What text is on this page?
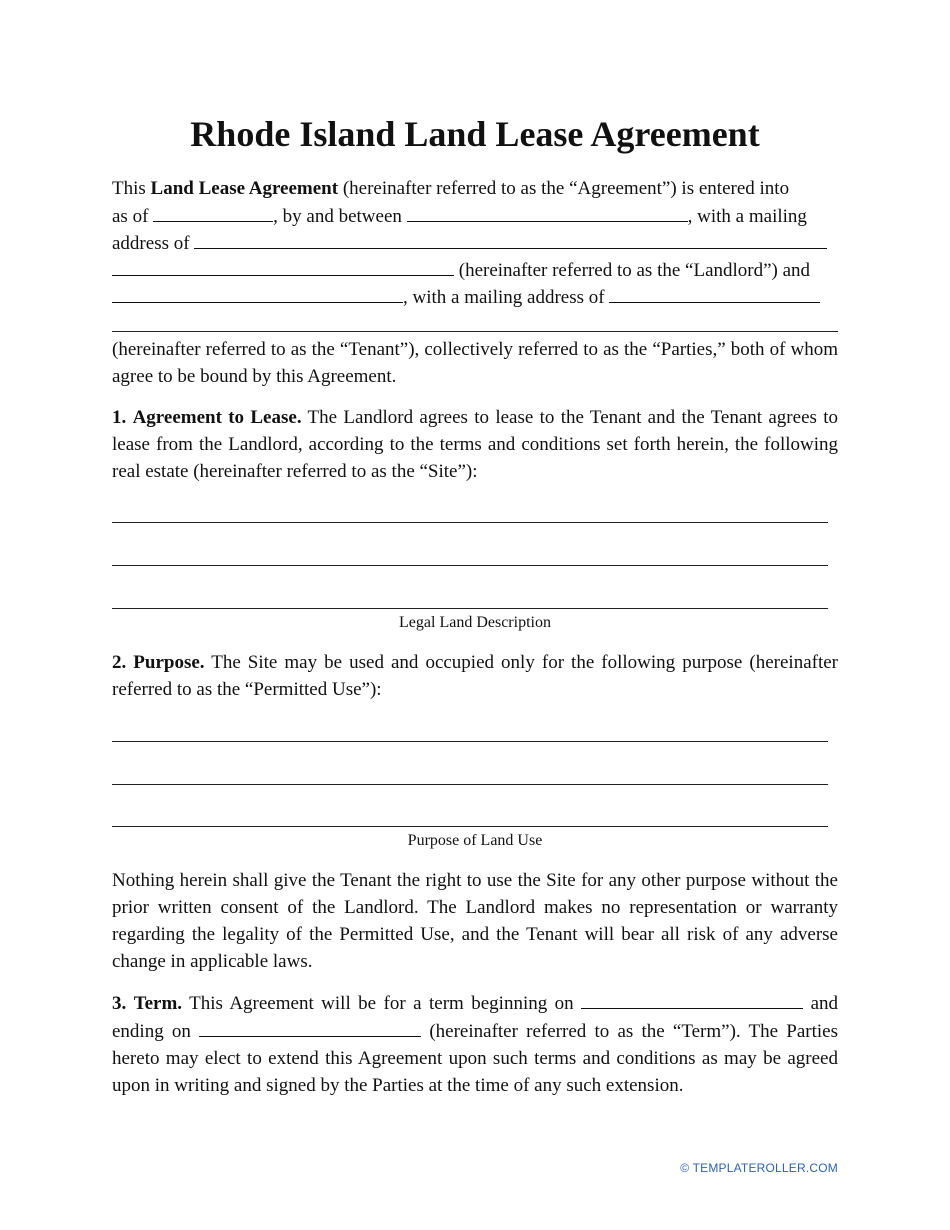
Rhode Island Land Lease Agreement
This Land Lease Agreement (hereinafter referred to as the “Agreement”) is entered into
as of	, by and between	, with a mailing
address of
(hereinafter referred to as the “Landlord”) and
, with a mailing address of
(hereinafter referred to as the “Tenant”), collectively referred to as the “Parties,” both of whom agree to be bound by this Agreement.
1. Agreement to Lease. The Landlord agrees to lease to the Tenant and the Tenant agrees to lease from the Landlord, according to the terms and conditions set forth herein, the following real estate (hereinafter referred to as the “Site”):
Legal Land Description
2. Purpose. The Site may be used and occupied only for the following purpose (hereinafter referred to as the “Permitted Use”):
Purpose of Land Use
Nothing herein shall give the Tenant the right to use the Site for any other purpose without the prior written consent of the Landlord. The Landlord makes no representation or warranty regarding the legality of the Permitted Use, and the Tenant will bear all risk of any adverse change in applicable laws.
3. Term. This Agreement will be for a term beginning on	and ending on	(hereinafter referred to as the “Term”). The Parties hereto may elect to extend this Agreement upon such terms and conditions as may be agreed upon in writing and signed by the Parties at the time of any such extension.
© TEMPLATEROLLER.COM
